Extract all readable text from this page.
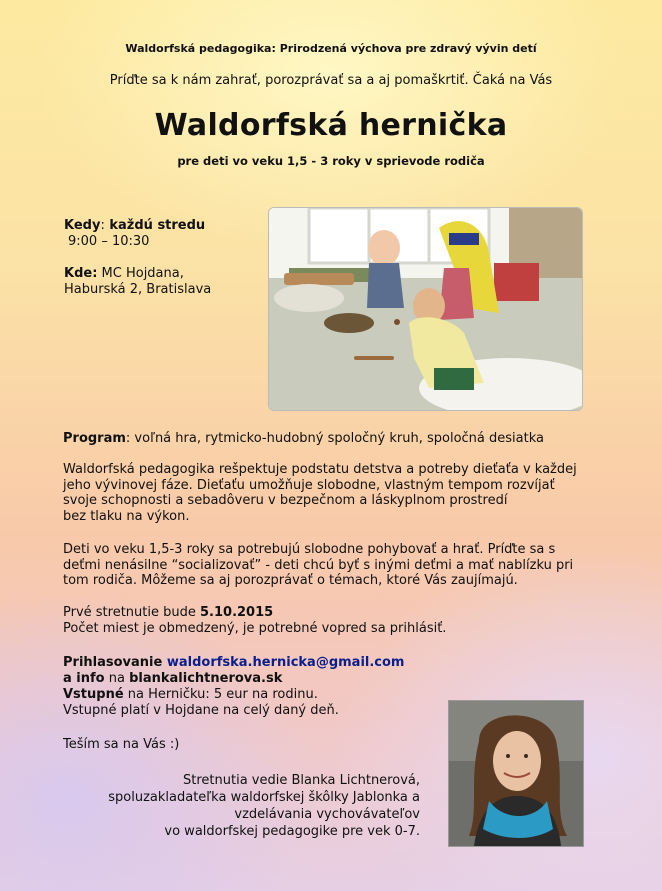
Waldorfská pedagogika: Prirodzená výchova pre zdravý vývin detí
Príďte sa k nám zahrať, porozprávať sa a aj pomaškrtiť. Čaká na Vás
Waldorfská hernička
pre deti vo veku 1,5 - 3 roky v sprievode rodiča
Kedy: každú stredu
9:00 – 10:30
Kde: MC Hojdana,
Haburská 2, Bratislava
Program: voľná hra, rytmicko-hudobný spoločný kruh, spoločná desiatka
Waldorfská pedagogika rešpektuje podstatu detstva a potreby dieťaťa v každej
jeho vývinovej fáze. Dieťaťu umožňuje slobodne, vlastným tempom rozvíjať
svoje schopnosti a sebadôveru v bezpečnom a láskyplnom prostredí
bez tlaku na výkon.
Deti vo veku 1,5-3 roky sa potrebujú slobodne pohybovať a hrať. Príďte sa s
deťmi nenásilne “socializovať” - deti chcú byť s inými deťmi a mať nablízku pri
tom rodiča. Môžeme sa aj porozprávať o témach, ktoré Vás zaujímajú.
Prvé stretnutie bude 5.10.2015
Počet miest je obmedzený, je potrebné vopred sa prihlásiť.
Prihlasovanie waldorfska.hernicka@gmail.com
a info na blankalichtnerova.sk
Vstupné na Herničku: 5 eur na rodinu.
Vstupné platí v Hojdane na celý daný deň.
Teším sa na Vás :)
Stretnutia vedie Blanka Lichtnerová,
spoluzakladateľka waldorfskej škôlky Jablonka a
vzdelávania vychovávateľov
vo waldorfskej pedagogike pre vek 0-7.
